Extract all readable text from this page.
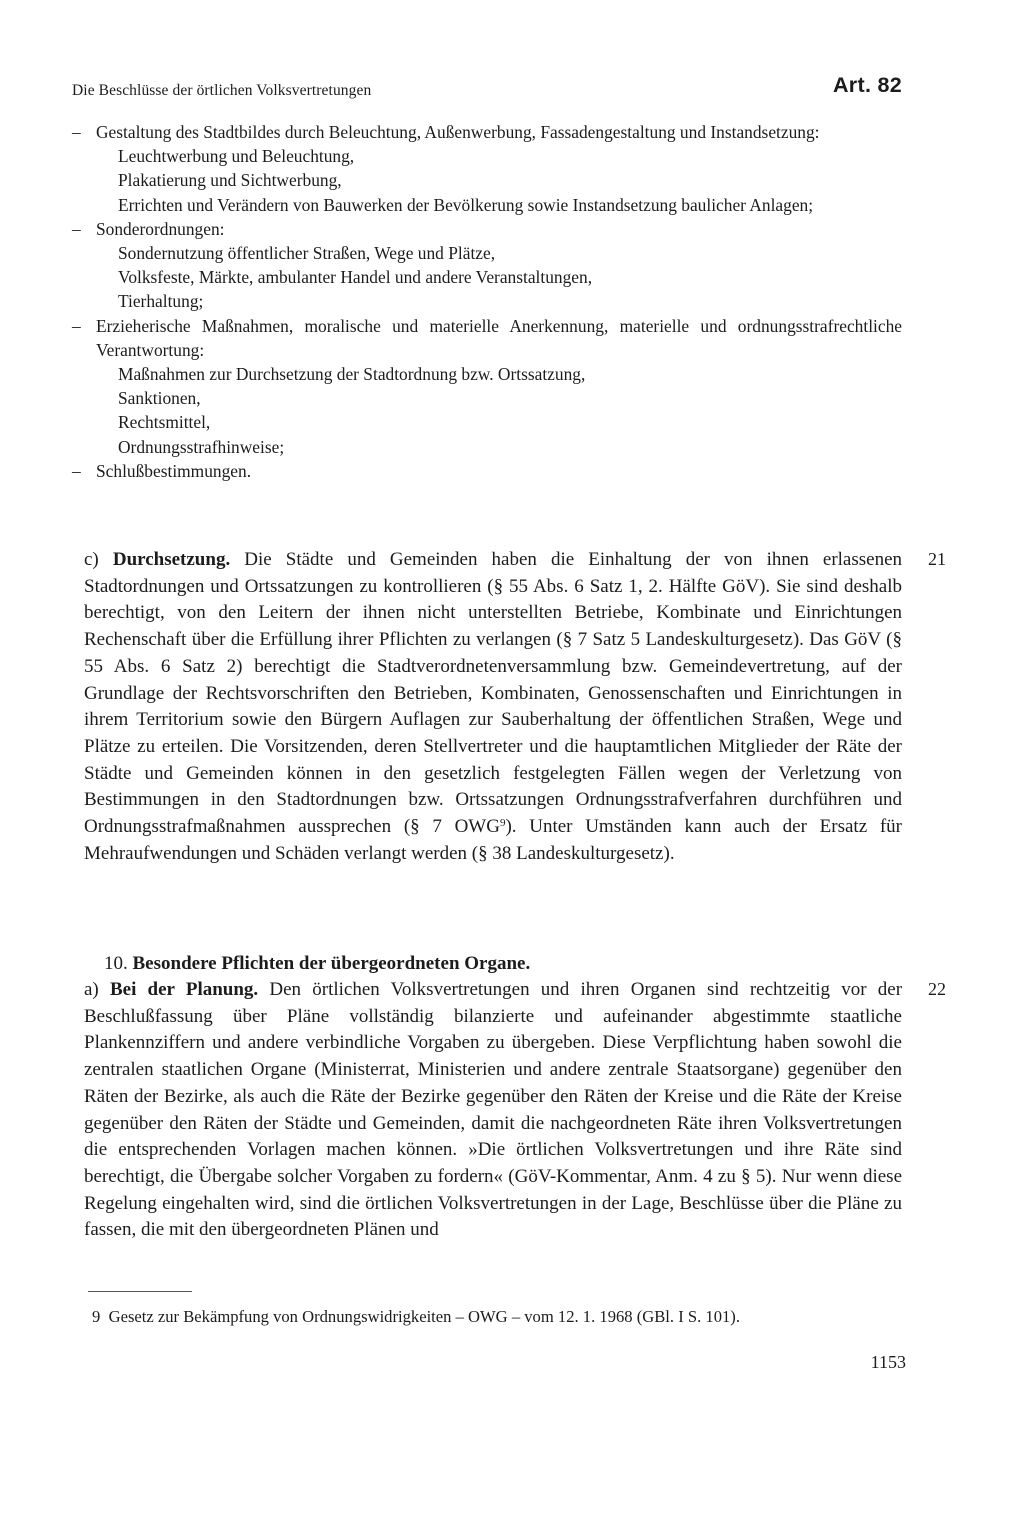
Die Beschlüsse der örtlichen Volksvertretungen	Art. 82
– Gestaltung des Stadtbildes durch Beleuchtung, Außenwerbung, Fassadengestaltung und Instandsetzung:
Leuchtwerbung und Beleuchtung,
Plakatierung und Sichtwerbung,
Errichten und Verändern von Bauwerken der Bevölkerung sowie Instandsetzung baulicher Anlagen;
– Sonderordnungen:
Sondernutzung öffentlicher Straßen, Wege und Plätze,
Volksfeste, Märkte, ambulanter Handel und andere Veranstaltungen,
Tierhaltung;
– Erzieherische Maßnahmen, moralische und materielle Anerkennung, materielle und ordnungsstrafrechtliche Verantwortung:
Maßnahmen zur Durchsetzung der Stadtordnung bzw. Ortssatzung,
Sanktionen,
Rechtsmittel,
Ordnungsstrafhinweise;
– Schlußbestimmungen.
21

c) Durchsetzung. Die Städte und Gemeinden haben die Einhaltung der von ihnen erlassenen Stadtordnungen und Ortssatzungen zu kontrollieren (§ 55 Abs. 6 Satz 1, 2. Hälfte GöV). Sie sind deshalb berechtigt, von den Leitern der ihnen nicht unterstellten Betriebe, Kombinate und Einrichtungen Rechenschaft über die Erfüllung ihrer Pflichten zu verlangen (§ 7 Satz 5 Landeskulturgesetz). Das GöV (§ 55 Abs. 6 Satz 2) berechtigt die Stadtverordnetenversammlung bzw. Gemeindevertretung, auf der Grundlage der Rechtsvorschriften den Betrieben, Kombinaten, Genossenschaften und Einrichtungen in ihrem Territorium sowie den Bürgern Auflagen zur Sauberhaltung der öffentlichen Straßen, Wege und Plätze zu erteilen. Die Vorsitzenden, deren Stellvertreter und die hauptamtlichen Mitglieder der Räte der Städte und Gemeinden können in den gesetzlich festgelegten Fällen wegen der Verletzung von Bestimmungen in den Stadtordnungen bzw. Ortssatzungen Ordnungsstrafverfahren durchführen und Ordnungsstrafmaßnahmen aussprechen (§ 7 OWG$^9$). Unter Umständen kann auch der Ersatz für Mehraufwendungen und Schäden verlangt werden (§ 38 Landeskulturgesetz).

10. Besondere Pflichten der übergeordneten Organe.
22

a) Bei der Planung. Den örtlichen Volksvertretungen und ihren Organen sind rechtzeitig vor der Beschlußfassung über Pläne vollständig bilanzierte und aufeinander abgestimmte staatliche Plankennziffern und andere verbindliche Vorgaben zu übergeben. Diese Verpflichtung haben sowohl die zentralen staatlichen Organe (Ministerrat, Ministerien und andere zentrale Staatsorgane) gegenüber den Räten der Bezirke, als auch die Räte der Bezirke gegenüber den Räten der Kreise und die Räte der Kreise gegenüber den Räten der Städte und Gemeinden, damit die nachgeordneten Räte ihren Volksvertretungen die entsprechenden Vorlagen machen können. »Die örtlichen Volksvertretungen und ihre Räte sind berechtigt, die Übergabe solcher Vorgaben zu fordern« (GöV-Kommentar, Anm. 4 zu § 5). Nur wenn diese Regelung eingehalten wird, sind die örtlichen Volksvertretungen in der Lage, Beschlüsse über die Pläne zu fassen, die mit den übergeordneten Plänen und

9 Gesetz zur Bekämpfung von Ordnungswidrigkeiten – OWG – vom 12. 1. 1968 (GBl. I S. 101).
1153
